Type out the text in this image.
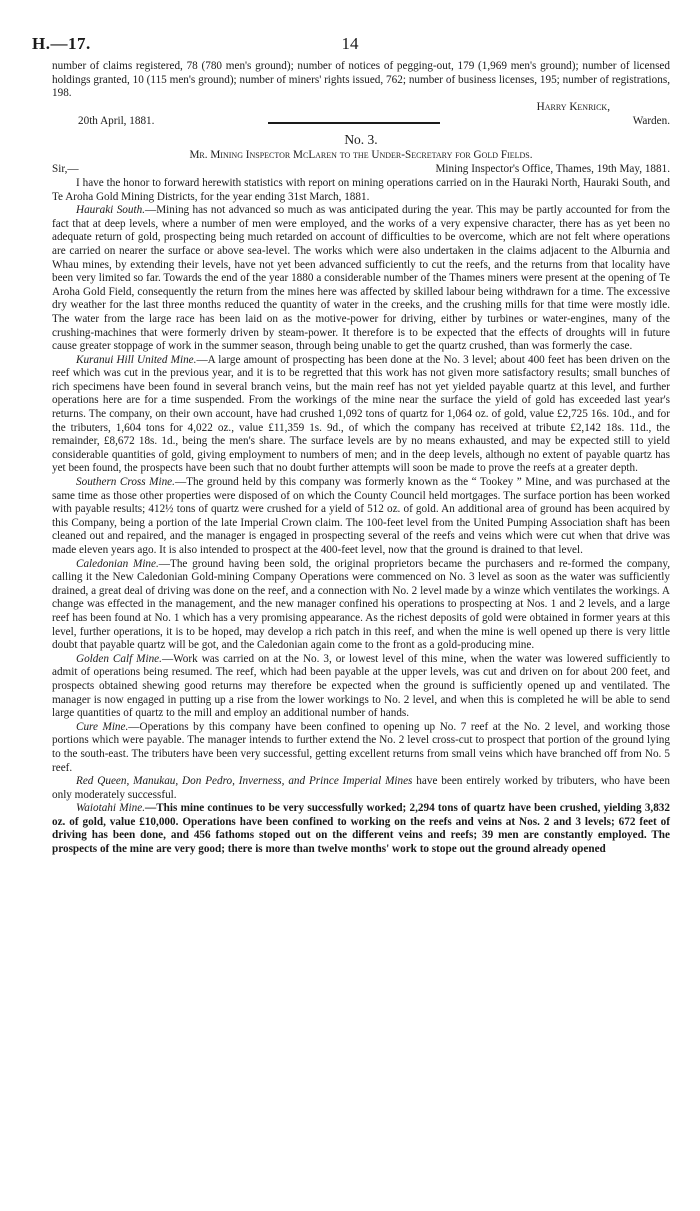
H.—17.	14

number of claims registered, 78 (780 men's ground); number of notices of pegging-out, 179 (1,969 men's ground); number of licensed holdings granted, 10 (115 men's ground); number of miners' rights issued, 762; number of business licenses, 195; number of registrations, 198.

Harry Kenrick,
20th April, 1881.	Warden.
No. 3.
Mr. Mining Inspector McLaren to the Under-Secretary for Gold Fields.
Sir,—	Mining Inspector's Office, Thames, 19th May, 1881.

I have the honor to forward herewith statistics with report on mining operations carried on in the Hauraki North, Hauraki South, and Te Aroha Gold Mining Districts, for the year ending 31st March, 1881.

Hauraki South.—Mining has not advanced so much as was anticipated during the year. This may be partly accounted for from the fact that at deep levels, where a number of men were employed, and the works of a very expensive character, there has as yet been no adequate return of gold, prospecting being much retarded on account of difficulties to be overcome, which are not felt where operations are carried on nearer the surface or above sea-level. The works which were also undertaken in the claims adjacent to the Alburnia and Whau mines, by extending their levels, have not yet been advanced sufficiently to cut the reefs, and the returns from that locality have been very limited so far. Towards the end of the year 1880 a considerable number of the Thames miners were present at the opening of Te Aroha Gold Field, consequently the return from the mines here was affected by skilled labour being withdrawn for a time. The excessive dry weather for the last three months reduced the quantity of water in the creeks, and the crushing mills for that time were mostly idle. The water from the large race has been laid on as the motive-power for driving, either by turbines or water-engines, many of the crushing-machines that were formerly driven by steam-power. It therefore is to be expected that the effects of droughts will in future cause greater stoppage of work in the summer season, through being unable to get the quartz crushed, than was formerly the case.

Kuranui Hill United Mine.—A large amount of prospecting has been done at the No. 3 level; about 400 feet has been driven on the reef which was cut in the previous year, and it is to be regretted that this work has not given more satisfactory results; small bunches of rich specimens have been found in several branch veins, but the main reef has not yet yielded payable quartz at this level, and further operations here are for a time suspended. From the workings of the mine near the surface the yield of gold has exceeded last year's returns. The company, on their own account, have had crushed 1,092 tons of quartz for 1,064 oz. of gold, value £2,725 16s. 10d., and for the tributers, 1,604 tons for 4,022 oz., value £11,359 1s. 9d., of which the company has received at tribute £2,142 18s. 11d., the remainder, £8,672 18s. 1d., being the men's share. The surface levels are by no means exhausted, and may be expected still to yield considerable quantities of gold, giving employment to numbers of men; and in the deep levels, although no extent of payable quartz has yet been found, the prospects have been such that no doubt further attempts will soon be made to prove the reefs at a greater depth.

Southern Cross Mine.—The ground held by this company was formerly known as the “ Tookey ” Mine, and was purchased at the same time as those other properties were disposed of on which the County Council held mortgages. The surface portion has been worked with payable results; 412½ tons of quartz were crushed for a yield of 512 oz. of gold. An additional area of ground has been acquired by this Company, being a portion of the late Imperial Crown claim. The 100-feet level from the United Pumping Association shaft has been cleaned out and repaired, and the manager is engaged in prospecting several of the reefs and veins which were cut when that drive was made eleven years ago. It is also intended to prospect at the 400-feet level, now that the ground is drained to that level.

Caledonian Mine.—The ground having been sold, the original proprietors became the purchasers and re-formed the company, calling it the New Caledonian Gold-mining Company Operations were commenced on No. 3 level as soon as the water was sufficiently drained, a great deal of driving was done on the reef, and a connection with No. 2 level made by a winze which ventilates the workings. A change was effected in the management, and the new manager confined his operations to prospecting at Nos. 1 and 2 levels, and a large reef has been found at No. 1 which has a very promising appearance. As the richest deposits of gold were obtained in former years at this level, further operations, it is to be hoped, may develop a rich patch in this reef, and when the mine is well opened up there is very little doubt that payable quartz will be got, and the Caledonian again come to the front as a gold-producing mine.

Golden Calf Mine.—Work was carried on at the No. 3, or lowest level of this mine, when the water was lowered sufficiently to admit of operations being resumed. The reef, which had been payable at the upper levels, was cut and driven on for about 200 feet, and prospects obtained shewing good returns may therefore be expected when the ground is sufficiently opened up and ventilated. The manager is now engaged in putting up a rise from the lower workings to No. 2 level, and when this is completed he will be able to send large quantities of quartz to the mill and employ an additional number of hands.

Cure Mine.—Operations by this company have been confined to opening up No. 7 reef at the No. 2 level, and working those portions which were payable. The manager intends to further extend the No. 2 level cross-cut to prospect that portion of the ground lying to the south-east. The tributers have been very successful, getting excellent returns from small veins which have branched off from No. 5 reef.

Red Queen, Manukau, Don Pedro, Inverness, and Prince Imperial Mines have been entirely worked by tributers, who have been only moderately successful.

Waiotahi Mine.—This mine continues to be very successfully worked; 2,294 tons of quartz have been crushed, yielding 3,832 oz. of gold, value £10,000. Operations have been confined to working on the reefs and veins at Nos. 2 and 3 levels; 672 feet of driving has been done, and 456 fathoms stoped out on the different veins and reefs; 39 men are constantly employed. The prospects of the mine are very good; there is more than twelve months' work to stope out the ground already opened
